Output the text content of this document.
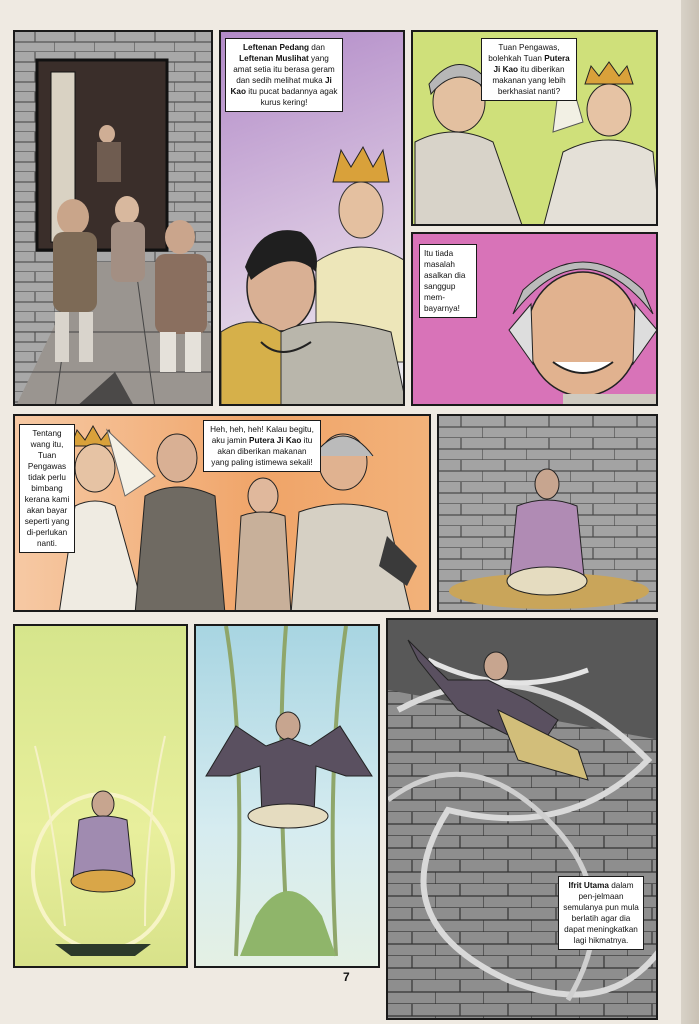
Leftenan Pedang dan Leftenan Muslihat yang amat setia itu berasa geram dan sedih melihat muka Ji Kao itu pucat badannya agak kurus kering!
Tuan Pengawas, bolehkah Tuan Putera Ji Kao itu diberikan makanan yang lebih berkhasiat nanti?
Itu tiada masalah asalkan dia sanggup mem-bayarnya!
Tentang wang itu, Tuan Pengawas tidak perlu bimbang kerana kami akan bayar seperti yang di-perlukan nanti.
Heh, heh, heh! Kalau begitu, aku jamin Putera Ji Kao itu akan diberikan makanan yang paling istimewa sekali!
Ifrit Utama dalam pen-jelmaan semulanya pun mula berlatih agar dia dapat meningkatkan lagi hikmatnya.
7
